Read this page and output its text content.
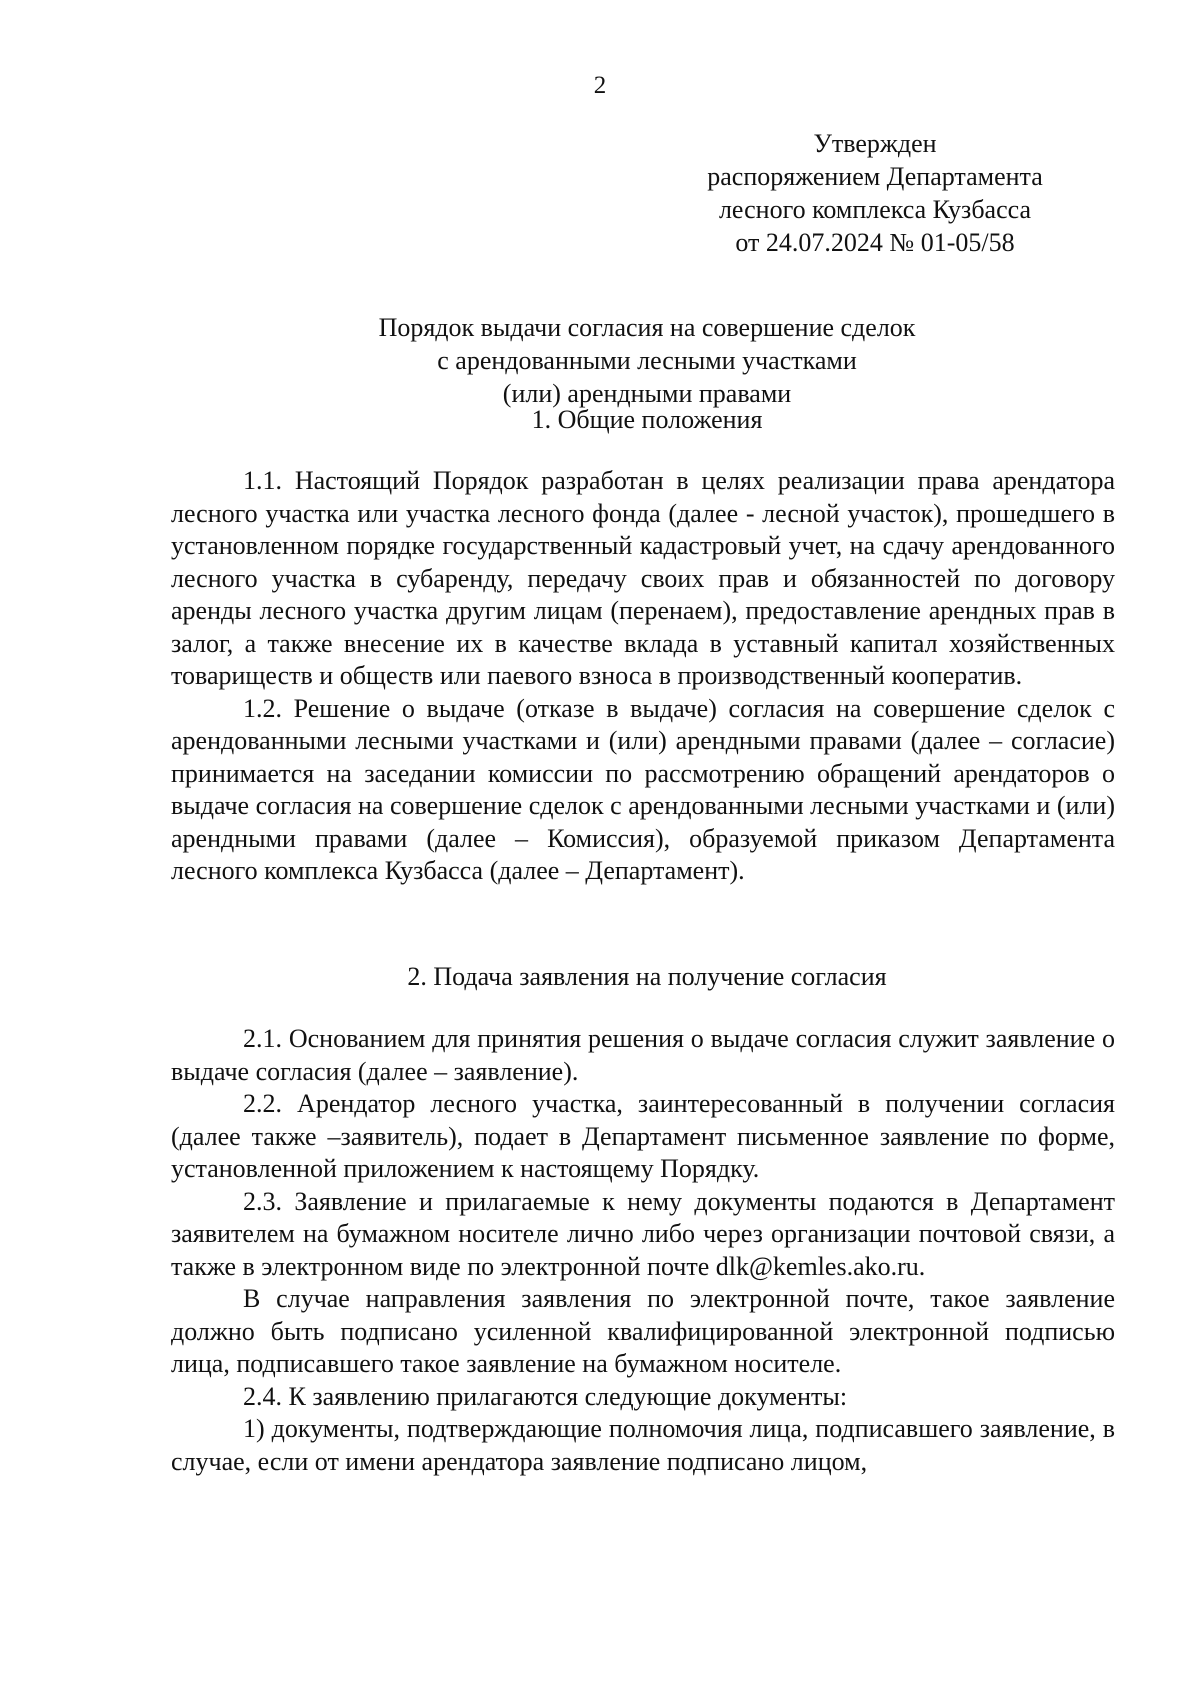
2
Утвержден
распоряжением Департамента
лесного комплекса Кузбасса
от 24.07.2024 № 01-05/58
Порядок выдачи согласия на совершение сделок
с арендованными лесными участками
(или) арендными правами
1. Общие положения

1.1. Настоящий Порядок разработан в целях реализации права арендатора лесного участка или участка лесного фонда (далее - лесной участок), прошедшего в установленном порядке государственный кадастровый учет, на сдачу арендованного лесного участка в субаренду, передачу своих прав и обязанностей по договору аренды лесного участка другим лицам (перенаем), предоставление арендных прав в залог, а также внесение их в качестве вклада в уставный капитал хозяйственных товариществ и обществ или паевого взноса в производственный кооператив.

1.2. Решение о выдаче (отказе в выдаче) согласия на совершение сделок с арендованными лесными участками и (или) арендными правами (далее – согласие) принимается на заседании комиссии по рассмотрению обращений арендаторов о выдаче согласия на совершение сделок с арендованными лесными участками и (или) арендными правами (далее – Комиссия), образуемой приказом Департамента лесного комплекса Кузбасса (далее – Департамент).

2. Подача заявления на получение согласия

2.1. Основанием для принятия решения о выдаче согласия служит заявление о выдаче согласия (далее – заявление).

2.2. Арендатор лесного участка, заинтересованный в получении согласия (далее также –заявитель), подает в Департамент письменное заявление по форме, установленной приложением к настоящему Порядку.

2.3. Заявление и прилагаемые к нему документы подаются в Департамент заявителем на бумажном носителе лично либо через организации почтовой связи, а также в электронном виде по электронной почте dlk@kemles.ako.ru.

В случае направления заявления по электронной почте, такое заявление должно быть подписано усиленной квалифицированной электронной подписью лица, подписавшего такое заявление на бумажном носителе.

2.4. К заявлению прилагаются следующие документы:

1) документы, подтверждающие полномочия лица, подписавшего заявление, в случае, если от имени арендатора заявление подписано лицом,
